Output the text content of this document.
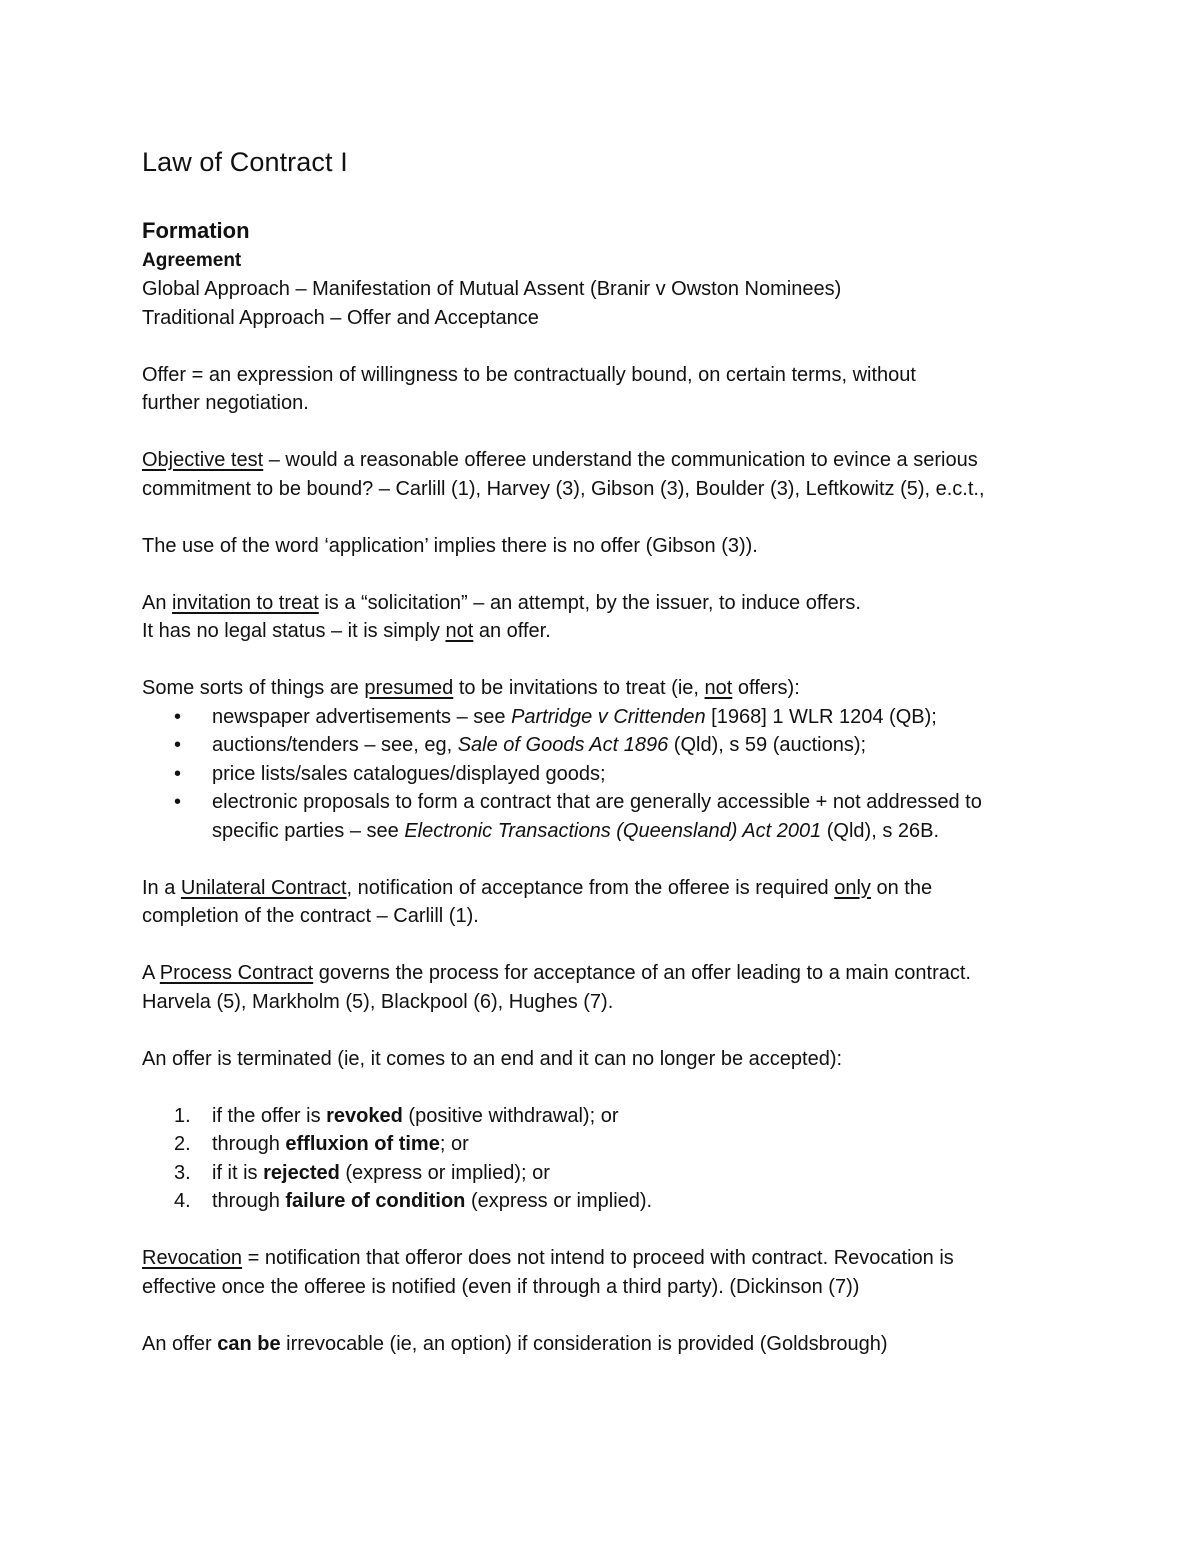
Law of Contract I
Formation
Agreement

Global Approach – Manifestation of Mutual Assent (Branir v Owston Nominees)

Traditional Approach – Offer and Acceptance

Offer = an expression of willingness to be contractually bound, on certain terms, without
further negotiation.

Objective test – would a reasonable offeree understand the communication to evince a serious
commitment to be bound? – Carlill (1), Harvey (3), Gibson (3), Boulder (3), Leftkowitz (5), e.c.t.,

The use of the word ‘application’ implies there is no offer (Gibson (3)).

An invitation to treat is a “solicitation” – an attempt, by the issuer, to induce offers.
It has no legal status – it is simply not an offer.

Some sorts of things are presumed to be invitations to treat (ie, not offers):

• newspaper advertisements – see Partridge v Crittenden [1968] 1 WLR 1204 (QB);
• auctions/tenders – see, eg, Sale of Goods Act 1896 (Qld), s 59 (auctions);
• price lists/sales catalogues/displayed goods;
• electronic proposals to form a contract that are generally accessible + not addressed to
specific parties – see Electronic Transactions (Queensland) Act 2001 (Qld), s 26B.

In a Unilateral Contract, notification of acceptance from the offeree is required only on the
completion of the contract – Carlill (1).

A Process Contract governs the process for acceptance of an offer leading to a main contract.
Harvela (5), Markholm (5), Blackpool (6), Hughes (7).

An offer is terminated (ie, it comes to an end and it can no longer be accepted):

1. if the offer is revoked (positive withdrawal); or
2. through effluxion of time; or
3. if it is rejected (express or implied); or
4. through failure of condition (express or implied).

Revocation = notification that offeror does not intend to proceed with contract. Revocation is
effective once the offeree is notified (even if through a third party). (Dickinson (7))

An offer can be irrevocable (ie, an option) if consideration is provided (Goldsbrough)
